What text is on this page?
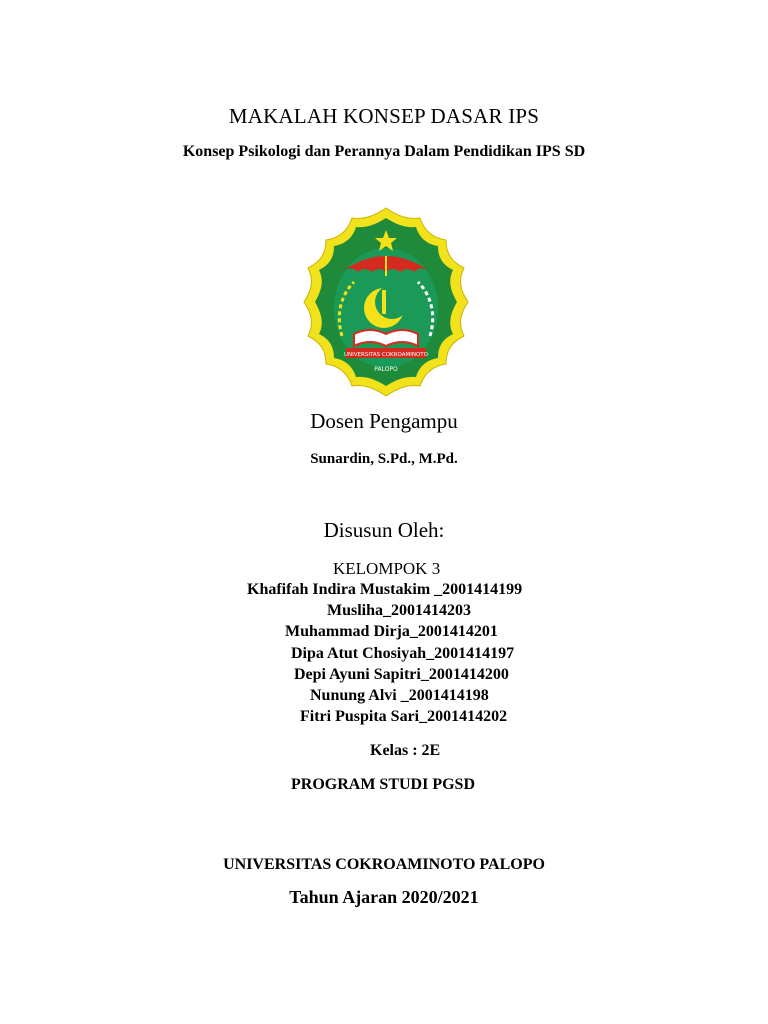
MAKALAH KONSEP DASAR IPS
Konsep Psikologi dan Perannya Dalam Pendidikan IPS SD
UNIVERSITAS COKROAMINOTO
PALOPO
Dosen Pengampu
Sunardin, S.Pd., M.Pd.
Disusun Oleh:
KELOMPOK 3
Khafifah Indira Mustakim _2001414199
Musliha_2001414203
Muhammad Dirja_2001414201
Dipa Atut Chosiyah_2001414197
Depi Ayuni Sapitri_2001414200
Nunung Alvi _2001414198
Fitri Puspita Sari_2001414202
Kelas : 2E
PROGRAM STUDI PGSD
UNIVERSITAS COKROAMINOTO PALOPO
Tahun Ajaran 2020/2021
